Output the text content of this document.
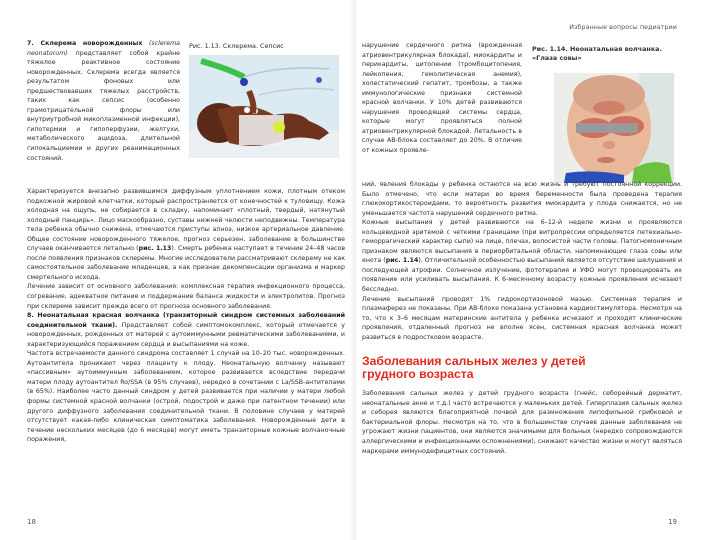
Избранные вопросы педиатрии

7. Склерема новорожденных (sclerema neonatorum) представляет собой крайне тяжелое реактивное состояние новорожденных. Склерема всегда является результатом фоновых или предшествовавших тяжелых расстройств, таких как сепсис (особенно грамотрицательной флоры или внутриутробной микоплазменной инфекции), гипотермии и гипоперфузии, желтухи, метаболического ацидоза, длительной гипокальциемии и других реанимационных состояний.

Рис. 1.13. Склерема. Сепсис

Характеризуется внезапно развившимся диффузным уплотнением кожи, плотным отеком подкожной жировой клетчатки, который распространяется от конечностей к туловищу. Кожа холодная на ощупь, не собирается в складку, напоминает «плотный, твердый, натянутый холодный панцирь». Лицо маскообразно, суставы нижней челюсти неподвижны. Температура тела ребенка обычно снижена, отмечаются приступы апноэ, низкое артериальное давление. Общее состояние новорожденного тяжелое, прогноз серьезен, заболевание в большинстве случаев оканчивается летально (рис. 1.13). Смерть ребенка наступает в течение 24–48 часов после появления признаков склеремы. Многие исследователи рассматривают склерему не как самостоятельное заболевание младенцев, а как признак декомпенсации организма и маркер смертельного исхода.

Лечение зависит от основного заболевания: комплексная терапия инфекционного процесса, согревание, адекватное питание и поддержание баланса жидкости и электролитов. Прогноз при склереме зависит прежде всего от прогноза основного заболевания.

8. Неонатальная красная волчанка (транзиторный синдром системных заболеваний соединительной ткани). Представляет собой симптомокомплекс, который отмечается у новорожденных, рожденных от матерей с аутоиммунными ревматическими заболеваниями, и характеризующийся поражением сердца и высыпаниями на коже.

Частота встречаемости данного синдрома составляет 1 случай на 10–20 тыс. новорожденных. Аутоантитела проникают через плаценту к плоду. Неонатальную волчанку называют «пассивным» аутоиммунным заболеванием, которое развивается вследствие передачи матери плоду аутоантител Ro/SSA (в 95% случаев), нередко в сочетании с La/SSB-антителами (в 65%). Наиболее часто данный синдром у детей развивается при наличии у матери любой формы системной красной волчанки (острой, подострой и даже при латентном течении) или другого диффузного заболевания соединительной ткани. В половине случаев у матерей отсутствует какая-либо клиническая симптоматика заболевания. Новорожденные дети в течение нескольких месяцев (до 6 месяцев) могут иметь транзиторные кожные волчаночные поражения,

18

нарушение сердечного ритма (врожденная атриовентрикулярная блокада), миокардиты и перикардиты, цитопении (тромбоцитопения, лейкопения, гемолитическая анемия), холестатический гепатит, тромбозы, а также иммунологические признаки системной красной волчанки. У 10% детей развиваются нарушения проводящей системы сердца, которые могут проявляться полной атриовентрикулярной блокадой. Летальность в случае АВ-блока составляет до 20%. В отличие от кожных проявле-

Рис. 1.14. Неонатальная волчанка.
«Глаза совы»

ний, явления блокады у ребенка остаются на всю жизнь и требуют постоянной коррекции. Было отмечено, что если матери во время беременности была проведена терапия глюкокортикостероидами, то вероятность развития миокардита у плода снижается, но не уменьшается частота нарушений сердечного ритма.

Кожные высыпания у детей развиваются на 6–12-й неделе жизни и проявляются кольцевидной эритемой с четкими границами (при витропрессии определяется петехиально-геморрагический характер сыпи) на лице, плечах, волосистой части головы. Патогномоничным признаком являются высыпания в периорбитальной области, напоминающие глаза совы или енота (рис. 1.14). Отличительной особенностью высыпаний является отсутствие шелушения и последующей атрофии. Солнечное излучение, фототерапия и УФО могут провоцировать их появление или усиливать высыпания. К 6-месячному возрасту кожные проявления исчезают бесследно.

Лечение высыпаний проводят 1% гидрокортизоновой мазью. Системная терапия и плазмаферез не показаны. При АВ-блоке показана установка кардиостимулятора. Несмотря на то, что к 3–6 месяцам материнские антитела у ребенка исчезают и проходят клинические проявления, отдаленный прогноз не вполне ясен, системная красная волчанка может развиться в подростковом возрасте.

Заболевания сальных желез у детей
грудного возраста

Заболевания сальных желез у детей грудного возраста (гнейс, себорейный дерматит, неонатальные акне и т.д.) часто встречаются у маленьких детей. Гиперплазия сальных желез и себорея являются благоприятной почвой для размножения липофильной грибковой и бактериальной флоры. Несмотря на то, что в большинстве случаев данные заболевания не угрожают жизни пациентов, они являются значимыми для больных (нередко сопровождаются аллергическими и инфекционными осложнениями), снижают качество жизни и могут являться маркерами иммунодефицитных состояний.

19
